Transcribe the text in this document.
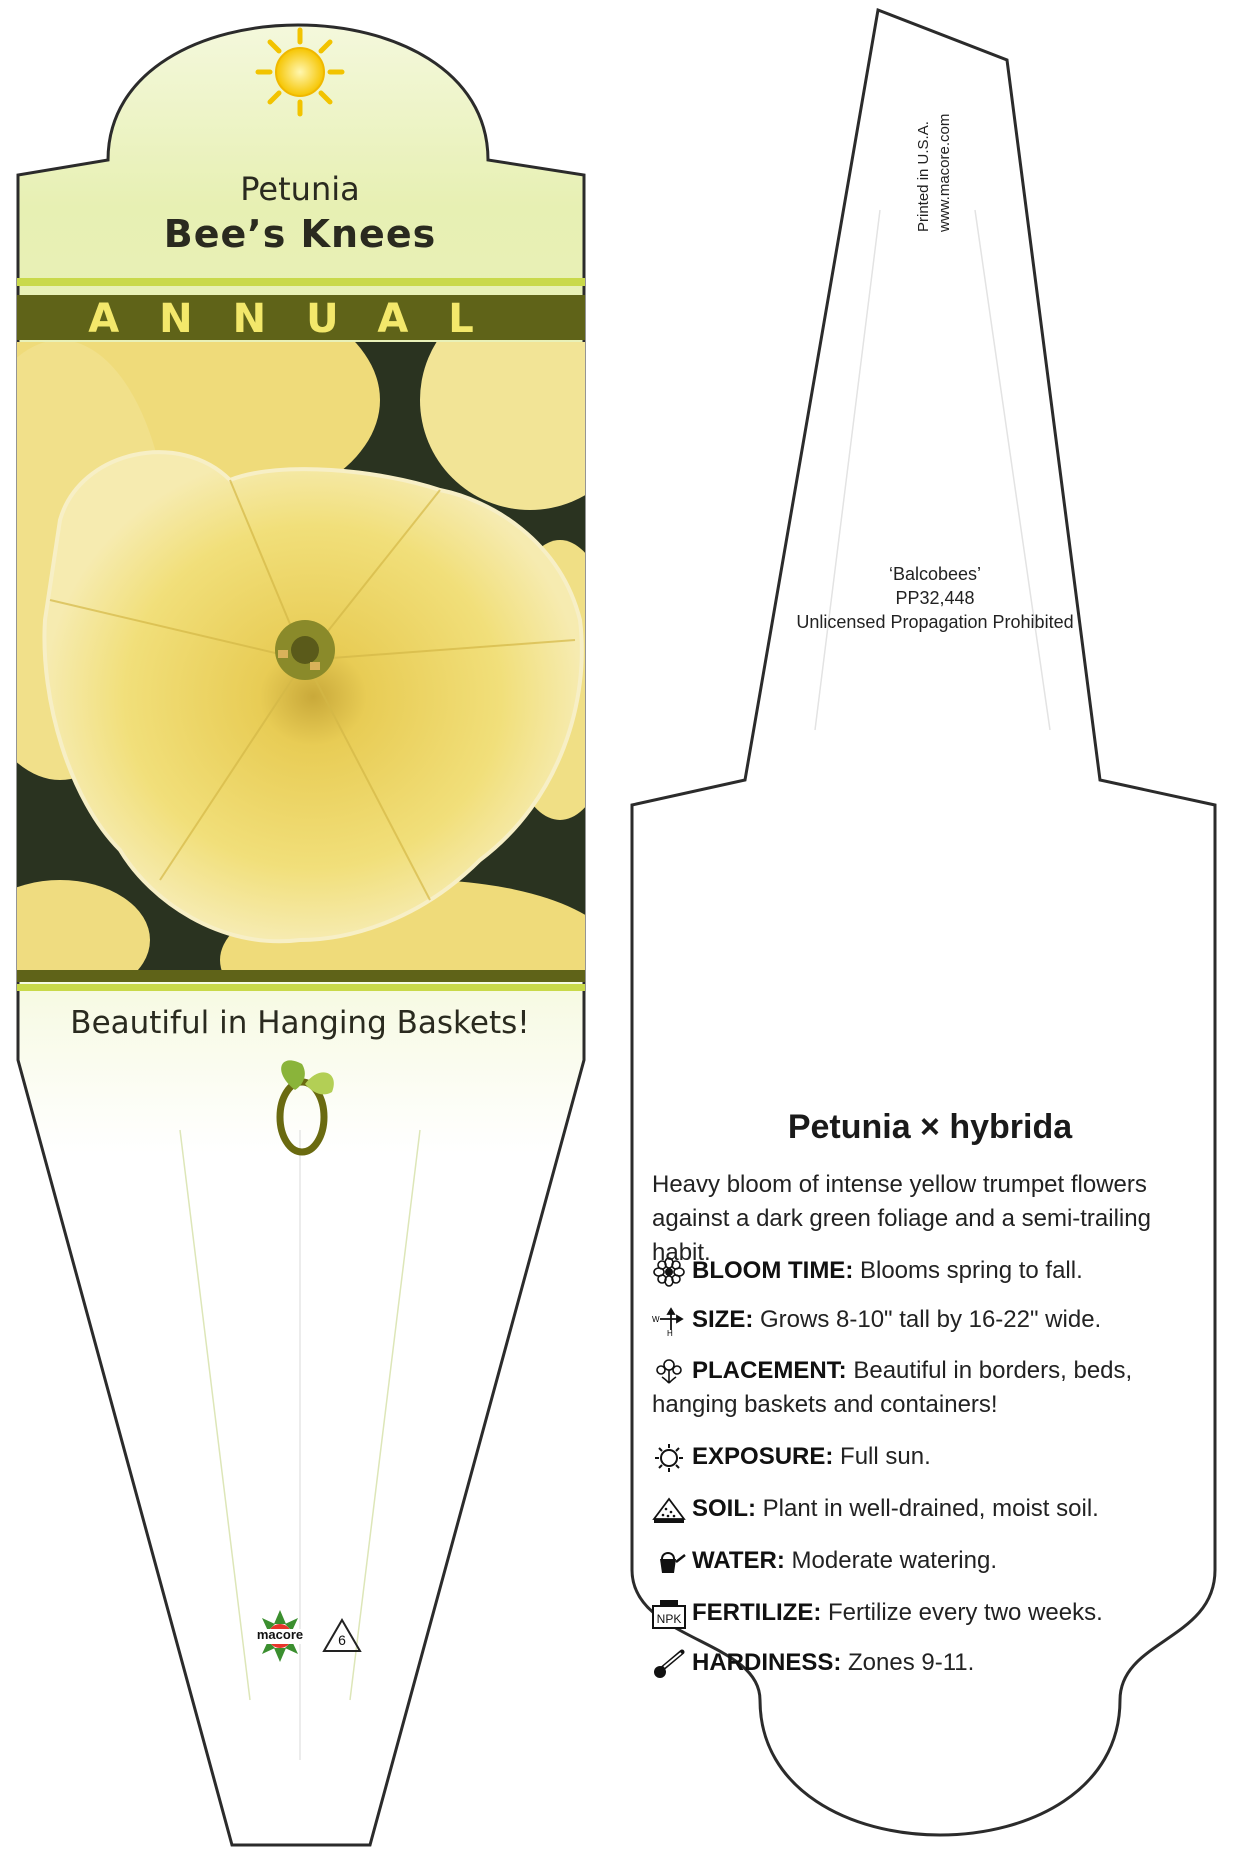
Petunia
Bee’s Knees
ANNUAL
Beautiful in Hanging Baskets!
macore	6
Printed in U.S.A. www.macore.com
‘Balcobees’
PP32,448
Unlicensed Propagation Prohibited
Petunia × hybrida
Heavy bloom of intense yellow trumpet flowers against a dark green foliage and a semi-trailing habit.
BLOOM TIME: Blooms spring to fall.
W
H
SIZE: Grows 8-10" tall by 16-22" wide.
PLACEMENT: Beautiful in borders, beds, hanging baskets and containers!
EXPOSURE: Full sun.
SOIL: Plant in well-drained, moist soil.
WATER: Moderate watering.
NPK FERTILIZE: Fertilize every two weeks.
HARDINESS: Zones 9-11.
